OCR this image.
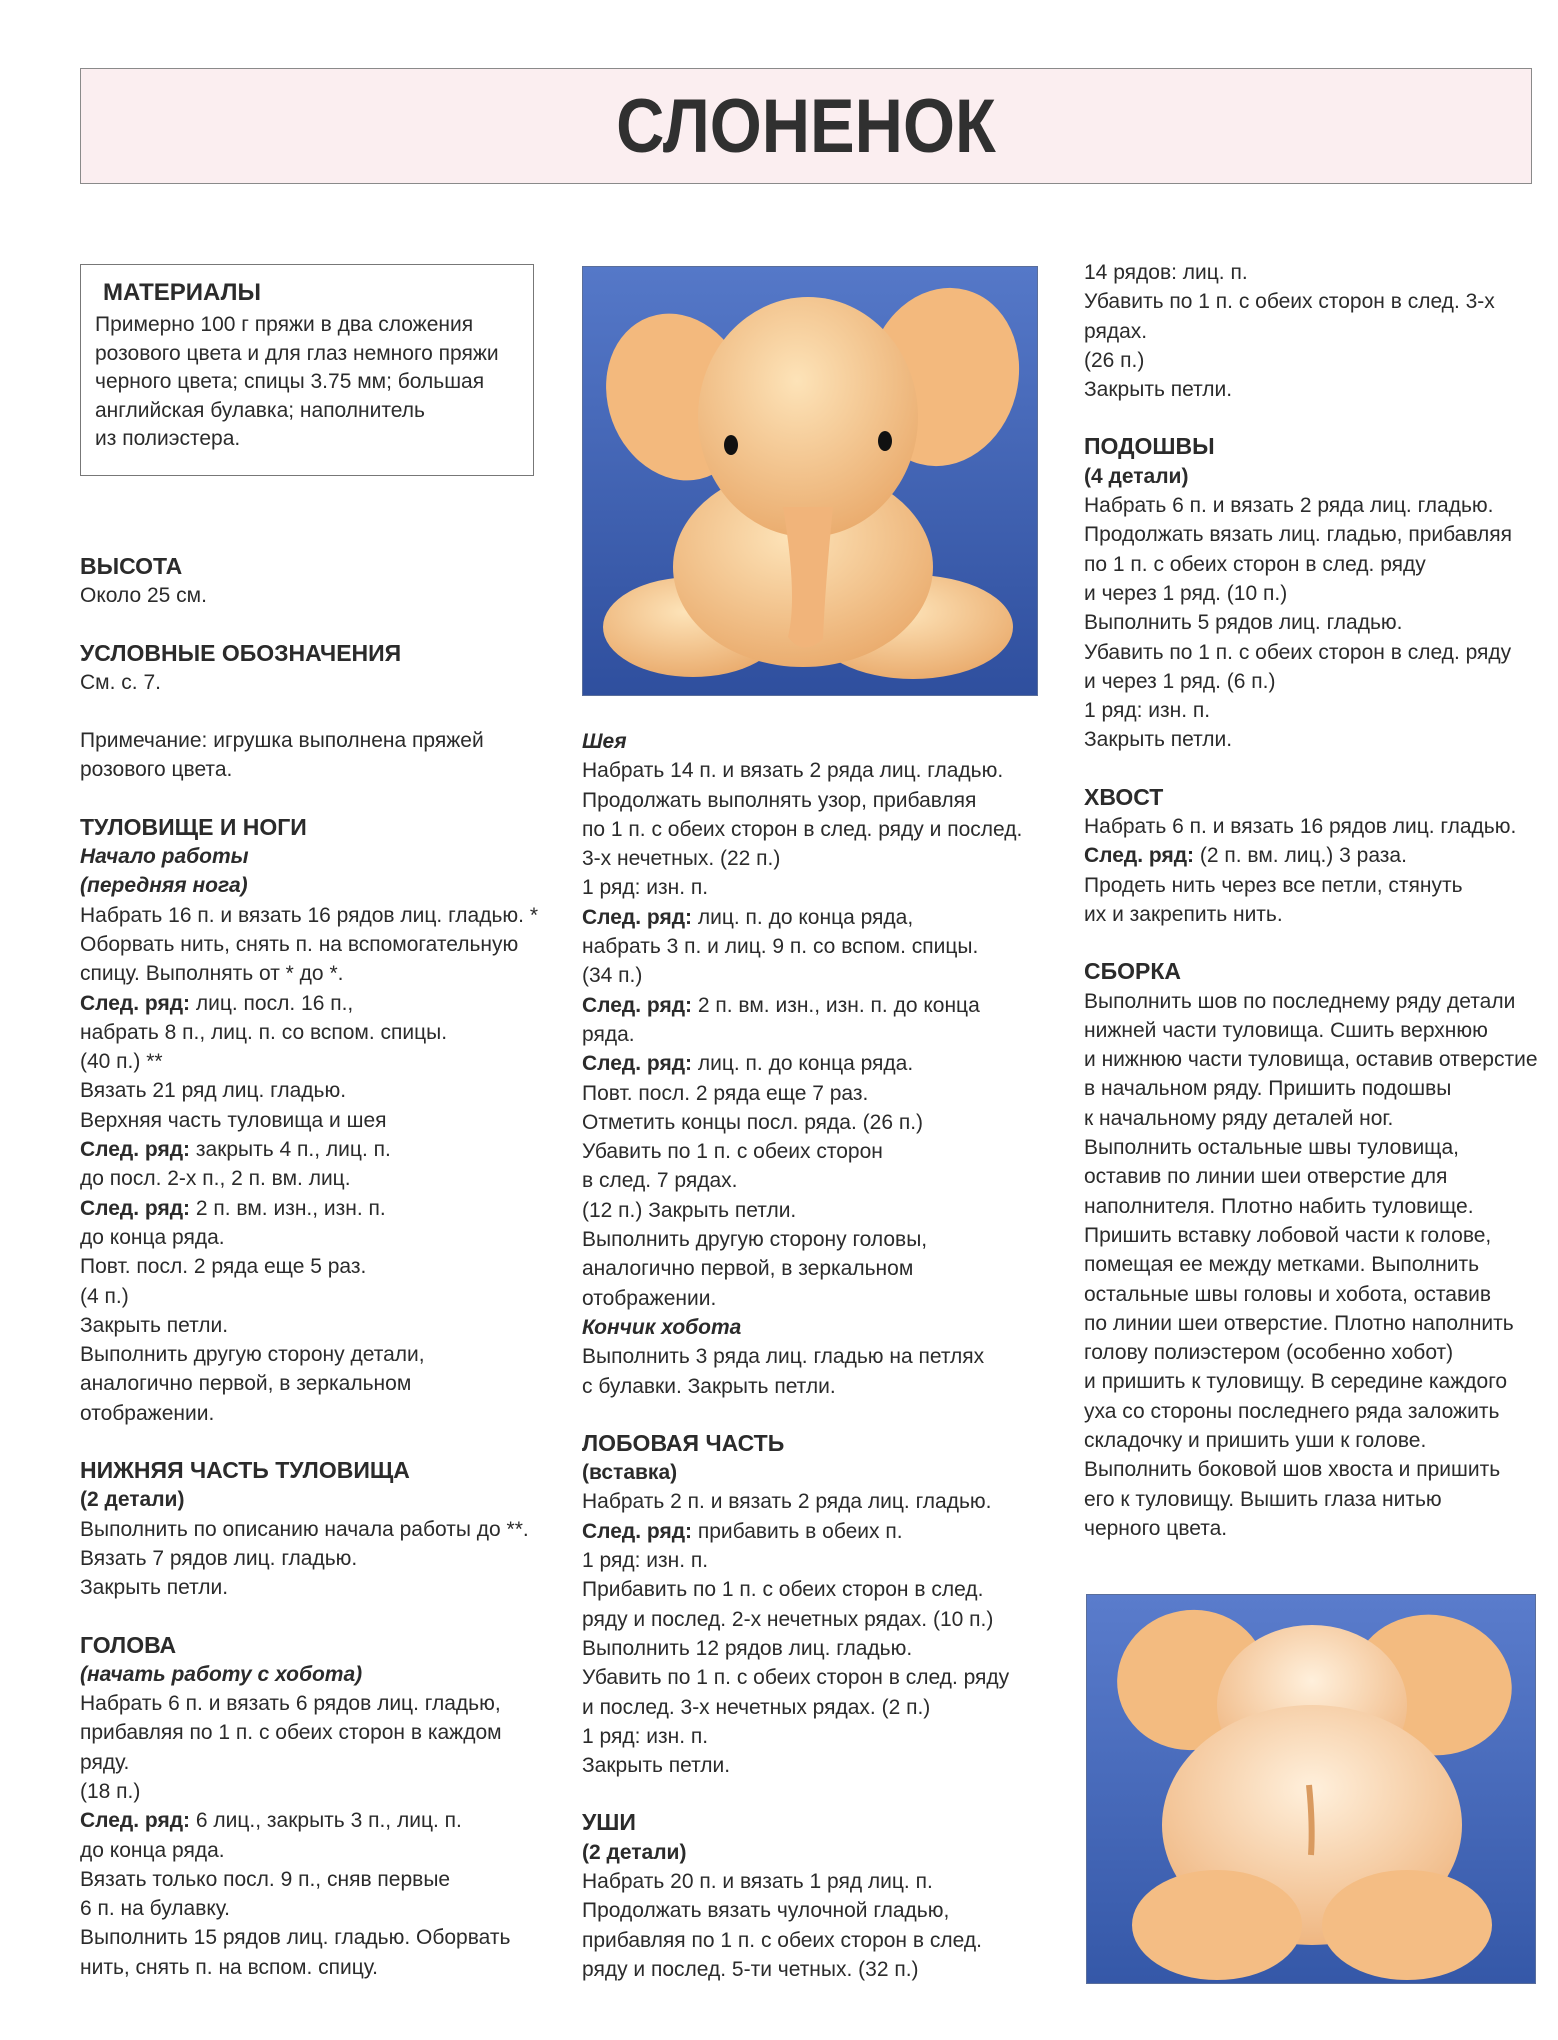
СЛОНЕНОК
МАТЕРИАЛЫ

Примерно 100 г пряжи в два сложения

розового цвета и для глаз немного пряжи

черного цвета; спицы 3.75 мм; большая

английская булавка; наполнитель

из полиэстера.

ВЫСОТА

Около 25 см.

УСЛОВНЫЕ ОБОЗНАЧЕНИЯ

См. с. 7.

Примечание: игрушка выполнена пряжей

розового цвета.

ТУЛОВИЩЕ И НОГИ

Начало работы

(передняя нога)

Набрать 16 п. и вязать 16 рядов лиц. гладью. *

Оборвать нить, снять п. на вспомогательную

спицу. Выполнять от * до *.

След. ряд: лиц. посл. 16 п.,

набрать 8 п., лиц. п. со вспом. спицы.

(40 п.) **

Вязать 21 ряд лиц. гладью.

Верхняя часть туловища и шея

След. ряд: закрыть 4 п., лиц. п.

до посл. 2-х п., 2 п. вм. лиц.

След. ряд: 2 п. вм. изн., изн. п.

до конца ряда.

Повт. посл. 2 ряда еще 5 раз.

(4 п.)

Закрыть петли.

Выполнить другую сторону детали,

аналогично первой, в зеркальном

отображении.

НИЖНЯЯ ЧАСТЬ ТУЛОВИЩА

(2 детали)

Выполнить по описанию начала работы до **.

Вязать 7 рядов лиц. гладью.

Закрыть петли.

ГОЛОВА

(начать работу с хобота)

Набрать 6 п. и вязать 6 рядов лиц. гладью,

прибавляя по 1 п. с обеих сторон в каждом

ряду.

(18 п.)

След. ряд: 6 лиц., закрыть 3 п., лиц. п.

до конца ряда.

Вязать только посл. 9 п., сняв первые

6 п. на булавку.

Выполнить 15 рядов лиц. гладью. Оборвать

нить, снять п. на вспом. спицу.

Шея

Набрать 14 п. и вязать 2 ряда лиц. гладью.

Продолжать выполнять узор, прибавляя

по 1 п. с обеих сторон в след. ряду и послед.

3-х нечетных. (22 п.)

1 ряд: изн. п.

След. ряд: лиц. п. до конца ряда,

набрать 3 п. и лиц. 9 п. со вспом. спицы.

(34 п.)

След. ряд: 2 п. вм. изн., изн. п. до конца

ряда.

След. ряд: лиц. п. до конца ряда.

Повт. посл. 2 ряда еще 7 раз.

Отметить концы посл. ряда. (26 п.)

Убавить по 1 п. с обеих сторон

в след. 7 рядах.

(12 п.) Закрыть петли.

Выполнить другую сторону головы,

аналогично первой, в зеркальном

отображении.

Кончик хобота

Выполнить 3 ряда лиц. гладью на петлях

с булавки. Закрыть петли.

ЛОБОВАЯ ЧАСТЬ

(вставка)

Набрать 2 п. и вязать 2 ряда лиц. гладью.

След. ряд: прибавить в обеих п.

1 ряд: изн. п.

Прибавить по 1 п. с обеих сторон в след.

ряду и послед. 2-х нечетных рядах. (10 п.)

Выполнить 12 рядов лиц. гладью.

Убавить по 1 п. с обеих сторон в след. ряду

и послед. 3-х нечетных рядах. (2 п.)

1 ряд: изн. п.

Закрыть петли.

УШИ

(2 детали)

Набрать 20 п. и вязать 1 ряд лиц. п.

Продолжать вязать чулочной гладью,

прибавляя по 1 п. с обеих сторон в след.

ряду и послед. 5-ти четных. (32 п.)

14 рядов: лиц. п.

Убавить по 1 п. с обеих сторон в след. 3-х

рядах.

(26 п.)

Закрыть петли.

ПОДОШВЫ

(4 детали)

Набрать 6 п. и вязать 2 ряда лиц. гладью.

Продолжать вязать лиц. гладью, прибавляя

по 1 п. с обеих сторон в след. ряду

и через 1 ряд. (10 п.)

Выполнить 5 рядов лиц. гладью.

Убавить по 1 п. с обеих сторон в след. ряду

и через 1 ряд. (6 п.)

1 ряд: изн. п.

Закрыть петли.

ХВОСТ

Набрать 6 п. и вязать 16 рядов лиц. гладью.

След. ряд: (2 п. вм. лиц.) 3 раза.

Продеть нить через все петли, стянуть

их и закрепить нить.

СБОРКА

Выполнить шов по последнему ряду детали

нижней части туловища. Сшить верхнюю

и нижнюю части туловища, оставив отверстие

в начальном ряду. Пришить подошвы

к начальному ряду деталей ног.

Выполнить остальные швы туловища,

оставив по линии шеи отверстие для

наполнителя. Плотно набить туловище.

Пришить вставку лобовой части к голове,

помещая ее между метками. Выполнить

остальные швы головы и хобота, оставив

по линии шеи отверстие. Плотно наполнить

голову полиэстером (особенно хобот)

и пришить к туловищу. В середине каждого

уха со стороны последнего ряда заложить

складочку и пришить уши к голове.

Выполнить боковой шов хвоста и пришить

его к туловищу. Вышить глаза нитью

черного цвета.
